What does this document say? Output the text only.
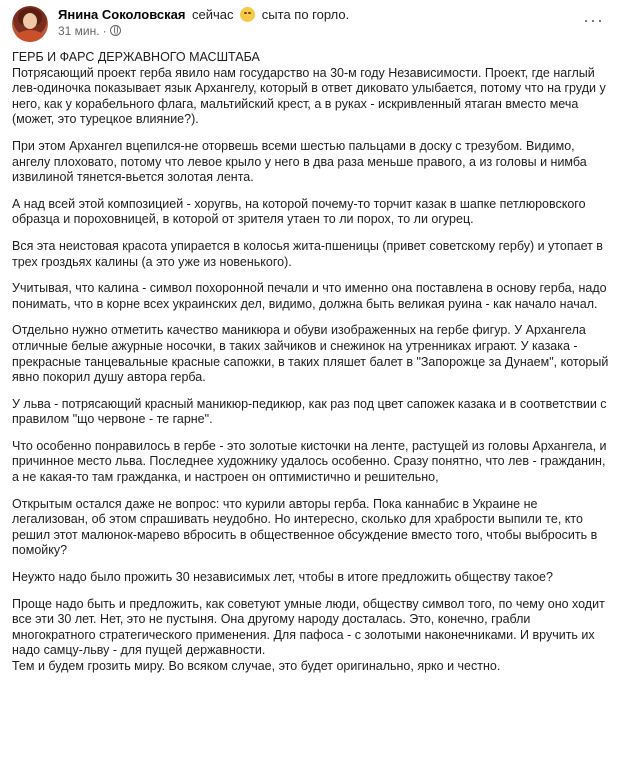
Янина Соколовская сейчас сыта по горло.
31 мин. ·
···

ГЕРБ И ФАРС ДЕРЖАВНОГО МАСШТАБА

Потрясающий проект герба явило нам государство на 30-м году Независимости. Проект, где наглый лев-одиночка показывает язык Архангелу, который в ответ диковато улыбается, потому что на груди у него, как у корабельного флага, мальтийский крест, а в руках - искривленный ятаган вместо меча (может, это турецкое влияние?).

При этом Архангел вцепился-не оторвешь всеми шестью пальцами в доску с трезубом. Видимо, ангелу плоховато, потому что левое крыло у него в два раза меньше правого, а из головы и нимба извилиной тянется-вьется золотая лента.

А над всей этой композицией - хоругвь, на которой почему-то торчит казак в шапке петлюровского образца и пороховницей, в которой от зрителя утаен то ли порох, то ли огурец.

Вся эта неистовая красота упирается в колосья жита-пшеницы (привет советскому гербу) и утопает в трех гроздьях калины (а это уже из новенького).

Учитывая, что калина - символ похоронной печали и что именно она поставлена в основу герба, надо понимать, что в корне всех украинских дел, видимо, должна быть великая руина - как начало начал.

Отдельно нужно отметить качество маникюра и обуви изображенных на гербе фигур. У Архангела отличные белые ажурные носочки, в таких зайчиков и снежинок на утренниках играют. У казака - прекрасные танцевальные красные сапожки, в таких пляшет балет в "Запорожце за Дунаем", который явно покорил душу автора герба.

У льва - потрясающий красный маникюр-педикюр, как раз под цвет сапожек казака и в соответствии с правилом "що червоне - те гарне".

Что особенно понравилось в гербе - это золотые кисточки на ленте, растущей из головы Архангела, и причинное место льва. Последнее художнику удалось особенно. Сразу понятно, что лев - гражданин, а не какая-то там гражданка, и настроен он оптимистично и решительно,

Открытым остался даже не вопрос: что курили авторы герба. Пока каннабис в Украине не легализован, об этом спрашивать неудобно. Но интересно, сколько для храбрости выпили те, кто решил этот малюнок-марево вбросить в общественное обсуждение вместо того, чтобы выбросить в помойку?

Неужто надо было прожить 30 независимых лет, чтобы в итоге предложить обществу такое?

Проще надо быть и предложить, как советуют умные люди, обществу символ того, по чему оно ходит все эти 30 лет. Нет, это не пустыня. Она другому народу досталась. Это, конечно, грабли многократного стратегического применения. Для пафоса - с золотыми наконечниками. И вручить их надо самцу-льву - для пущей державности.
Тем и будем грозить миру. Во всяком случае, это будет оригинально, ярко и честно.
